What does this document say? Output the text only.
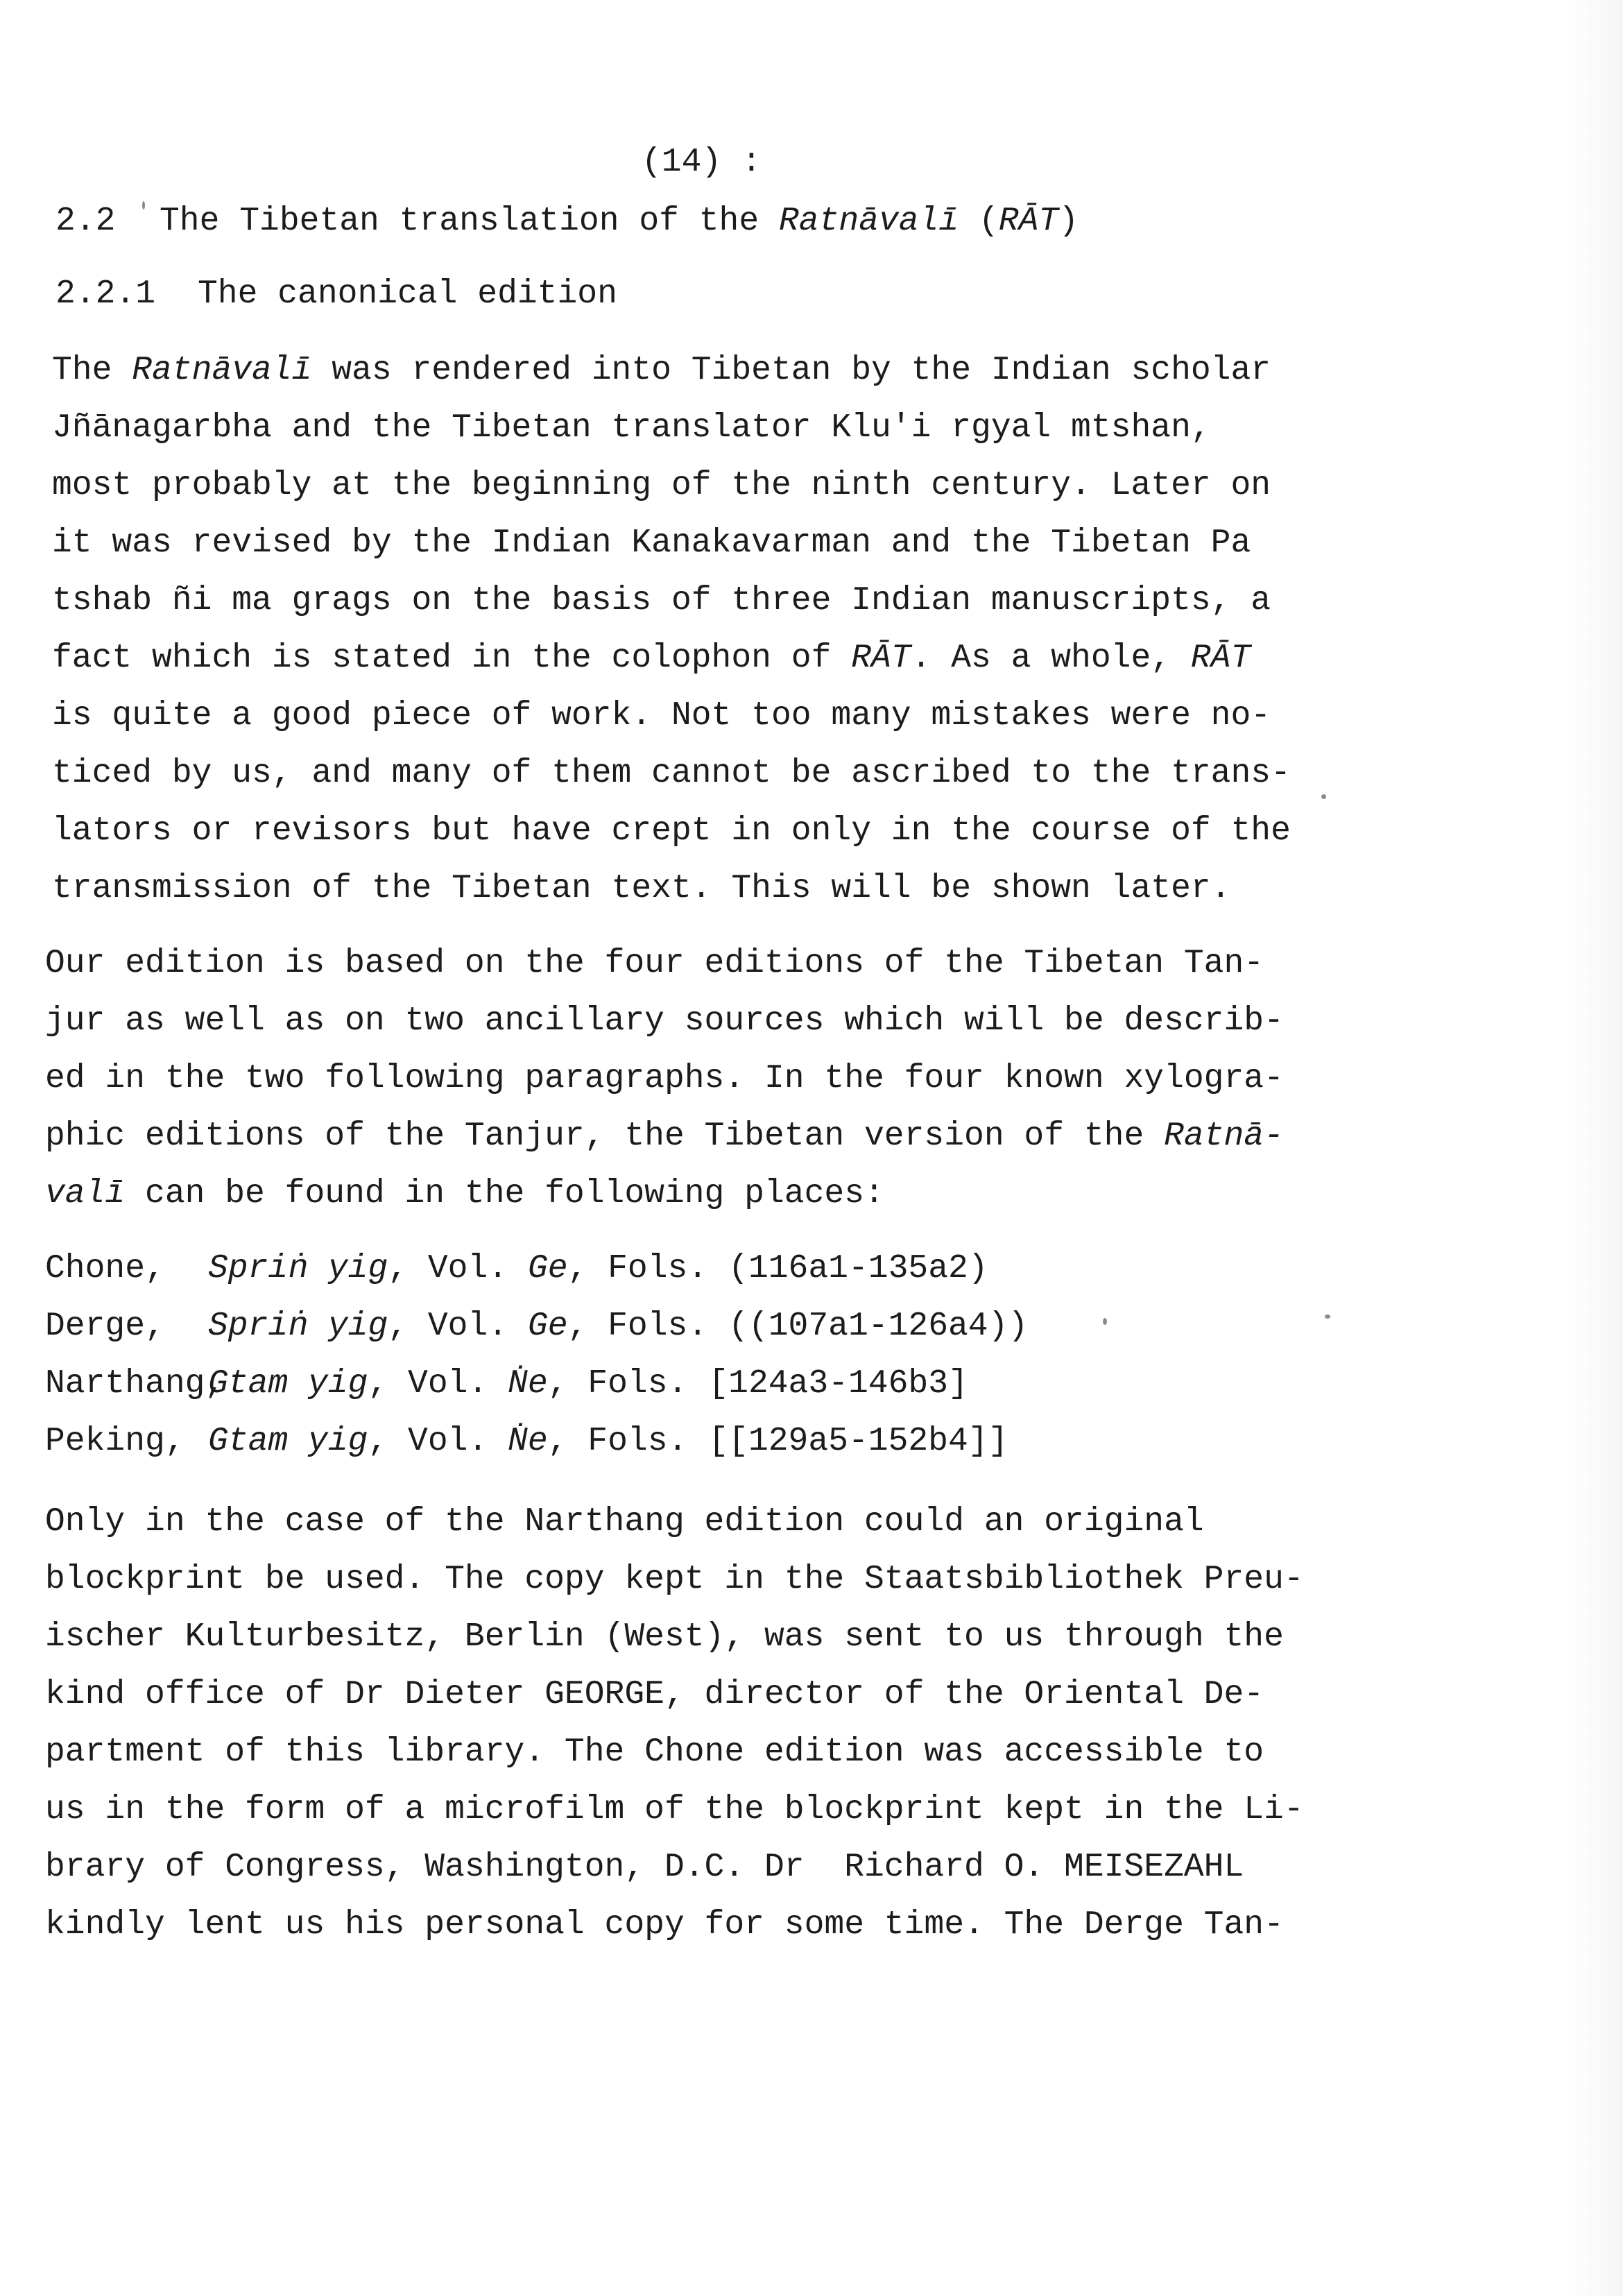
(14) :
2.2 The Tibetan translation of the Ratnāvalī (RĀT)
2.2.1 The canonical edition
The Ratnāvalī was rendered into Tibetan by the Indian scholar
Jñānagarbha and the Tibetan translator Klu'i rgyal mtshan,
most probably at the beginning of the ninth century. Later on
it was revised by the Indian Kanakavarman and the Tibetan Pa
tshab ñi ma grags on the basis of three Indian manuscripts, a
fact which is stated in the colophon of RĀT. As a whole, RĀT
is quite a good piece of work. Not too many mistakes were no-
ticed by us, and many of them cannot be ascribed to the trans-
lators or revisors but have crept in only in the course of the
transmission of the Tibetan text. This will be shown later.
Our edition is based on the four editions of the Tibetan Tan-
jur as well as on two ancillary sources which will be describ-
ed in the two following paragraphs. In the four known xylogra-
phic editions of the Tanjur, the Tibetan version of the Ratnā-
valī can be found in the following places:
Chone, Spriṅ yig, Vol. Ge, Fols. (116a1-135a2)
Derge, Spriṅ yig, Vol. Ge, Fols. ((107a1-126a4))
Narthang,Gtam yig, Vol. Ṅe, Fols. [124a3-146b3]
Peking, Gtam yig, Vol. Ṅe, Fols. [[129a5-152b4]]
Only in the case of the Narthang edition could an original
blockprint be used. The copy kept in the Staatsbibliothek Preu-
ischer Kulturbesitz, Berlin (West), was sent to us through the
kind office of Dr Dieter GEORGE, director of the Oriental De-
partment of this library. The Chone edition was accessible to
us in the form of a microfilm of the blockprint kept in the Li-
brary of Congress, Washington, D.C. Dr  Richard O. MEISEZAHL
kindly lent us his personal copy for some time. The Derge Tan-
